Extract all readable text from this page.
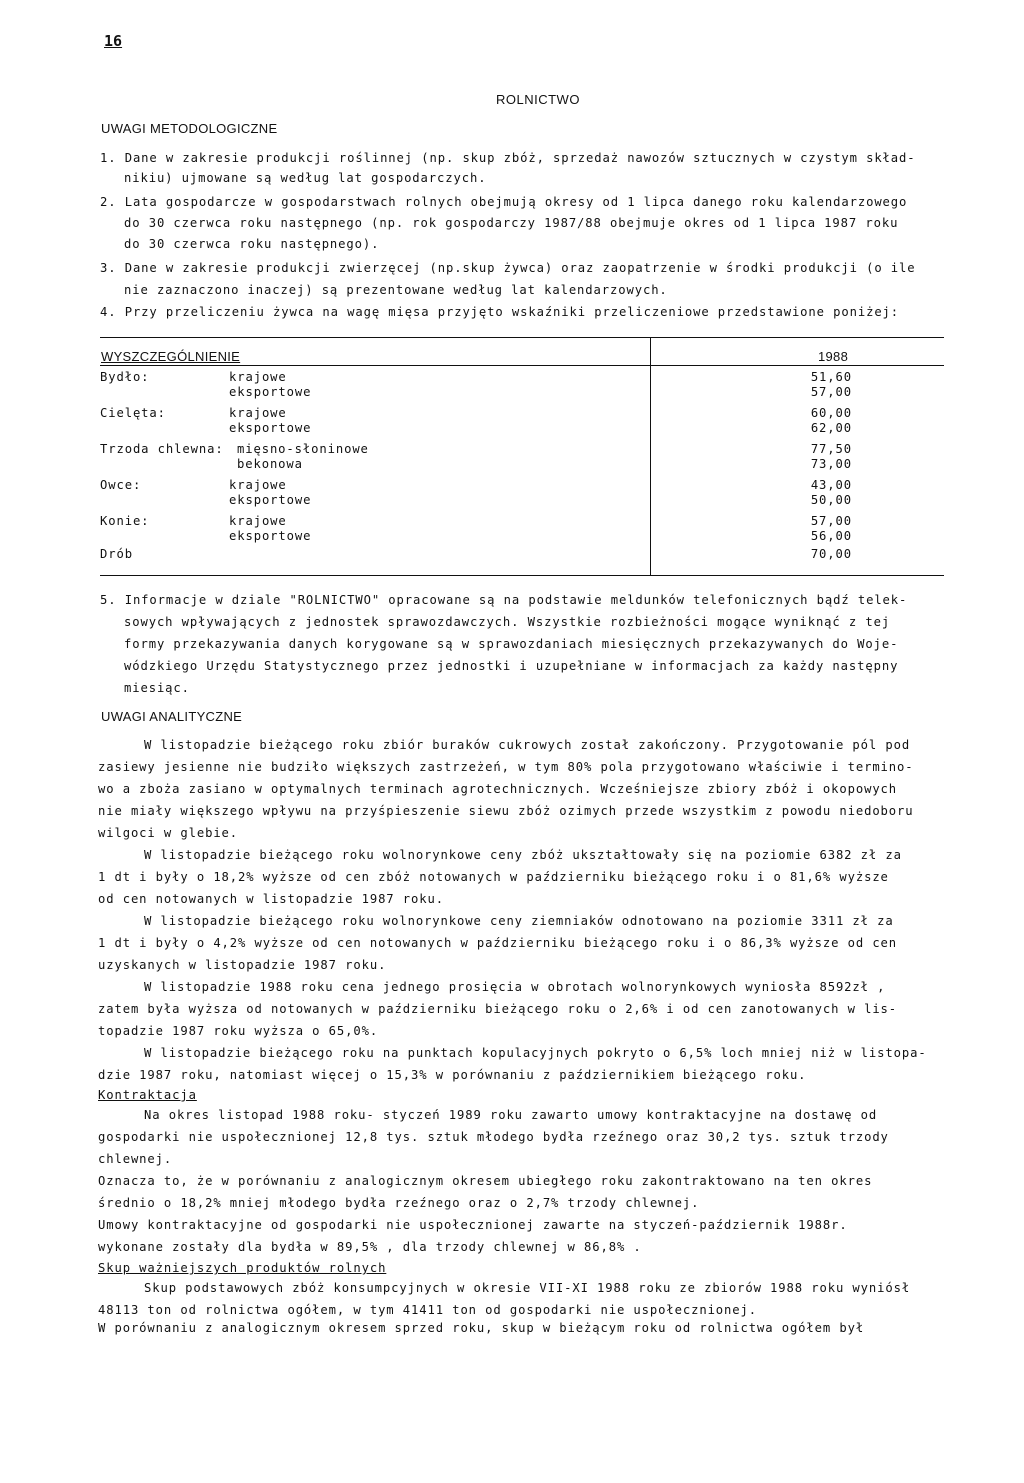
16
ROLNICTWO
UWAGI METODOLOGICZNE
1. Dane w zakresie produkcji roślinnej (np. skup zbóż, sprzedaż nawozów sztucznych w czystym skład-
nikiu) ujmowane są według lat gospodarczych.
2. Lata gospodarcze w gospodarstwach rolnych obejmują okresy od 1 lipca danego roku kalendarzowego
do 30 czerwca roku następnego (np. rok gospodarczy 1987/88 obejmuje okres od 1 lipca 1987 roku
do 30 czerwca roku następnego).
3. Dane w zakresie produkcji zwierzęcej (np.skup żywca) oraz zaopatrzenie w środki produkcji (o ile
nie zaznaczono inaczej) są prezentowane według lat kalendarzowych.
4. Przy przeliczeniu żywca na wagę mięsa przyjęto wskaźniki przeliczeniowe przedstawione poniżej:
WYSZCZEGÓLNIENIE	1988
Bydło:	krajowe	51,60
eksportowe	57,00
Cielęta:	krajowe	60,00
eksportowe	62,00
Trzoda chlewna: mięsno-słoninowe	77,50
bekonowa	73,00
Owce:	krajowe	43,00
eksportowe	50,00
Konie:	krajowe	57,00
eksportowe	56,00
Drób	70,00
5. Informacje w dziale "ROLNICTWO" opracowane są na podstawie meldunków telefonicznych bądź telek-
sowych wpływających z jednostek sprawozdawczych. Wszystkie rozbieżności mogące wyniknąć z tej
formy przekazywania danych korygowane są w sprawozdaniach miesięcznych przekazywanych do Woje-
wódzkiego Urzędu Statystycznego przez jednostki i uzupełniane w informacjach za każdy następny
miesiąc.
UWAGI ANALITYCZNE
W listopadzie bieżącego roku zbiór buraków cukrowych został zakończony. Przygotowanie pól pod
zasiewy jesienne nie budziło większych zastrzeżeń, w tym 80% pola przygotowano właściwie i termino-
wo a zboża zasiano w optymalnych terminach agrotechnicznych. Wcześniejsze zbiory zbóż i okopowych
nie miały większego wpływu na przyśpieszenie siewu zbóż ozimych przede wszystkim z powodu niedoboru
wilgoci w glebie.
W listopadzie bieżącego roku wolnorynkowe ceny zbóż ukształtowały się na poziomie 6382 zł za
1 dt i były o 18,2% wyższe od cen zbóż notowanych w październiku bieżącego roku i o 81,6% wyższe
od cen notowanych w listopadzie 1987 roku.
W listopadzie bieżącego roku wolnorynkowe ceny ziemniaków odnotowano na poziomie 3311 zł za
1 dt i były o 4,2% wyższe od cen notowanych w październiku bieżącego roku i o 86,3% wyższe od cen
uzyskanych w listopadzie 1987 roku.
W listopadzie 1988 roku cena jednego prosięcia w obrotach wolnorynkowych wyniosła 8592zł ,
zatem była wyższa od notowanych w październiku bieżącego roku o 2,6% i od cen zanotowanych w lis-
topadzie 1987 roku wyższa o 65,0%.
W listopadzie bieżącego roku na punktach kopulacyjnych pokryto o 6,5% loch mniej niż w listopa-
dzie 1987 roku, natomiast więcej o 15,3% w porównaniu z październikiem bieżącego roku.
Kontraktacja
Na okres listopad 1988 roku- styczeń 1989 roku zawarto umowy kontraktacyjne na dostawę od
gospodarki nie uspołecznionej 12,8 tys. sztuk młodego bydła rzeźnego oraz 30,2 tys. sztuk trzody
chlewnej.
Oznacza to, że w porównaniu z analogicznym okresem ubiegłego roku zakontraktowano na ten okres
średnio o 18,2% mniej młodego bydła rzeźnego oraz o 2,7% trzody chlewnej.
Umowy kontraktacyjne od gospodarki nie uspołecznionej zawarte na styczeń-październik 1988r.
wykonane zostały dla bydła w 89,5% , dla trzody chlewnej w 86,8% .
Skup ważniejszych produktów rolnych
Skup podstawowych zbóż konsumpcyjnych w okresie VII-XI 1988 roku ze zbiorów 1988 roku wyniósł
48113 ton od rolnictwa ogółem, w tym 41411 ton od gospodarki nie uspołecznionej.
W porównaniu z analogicznym okresem sprzed roku, skup w bieżącym roku od rolnictwa ogółem był
